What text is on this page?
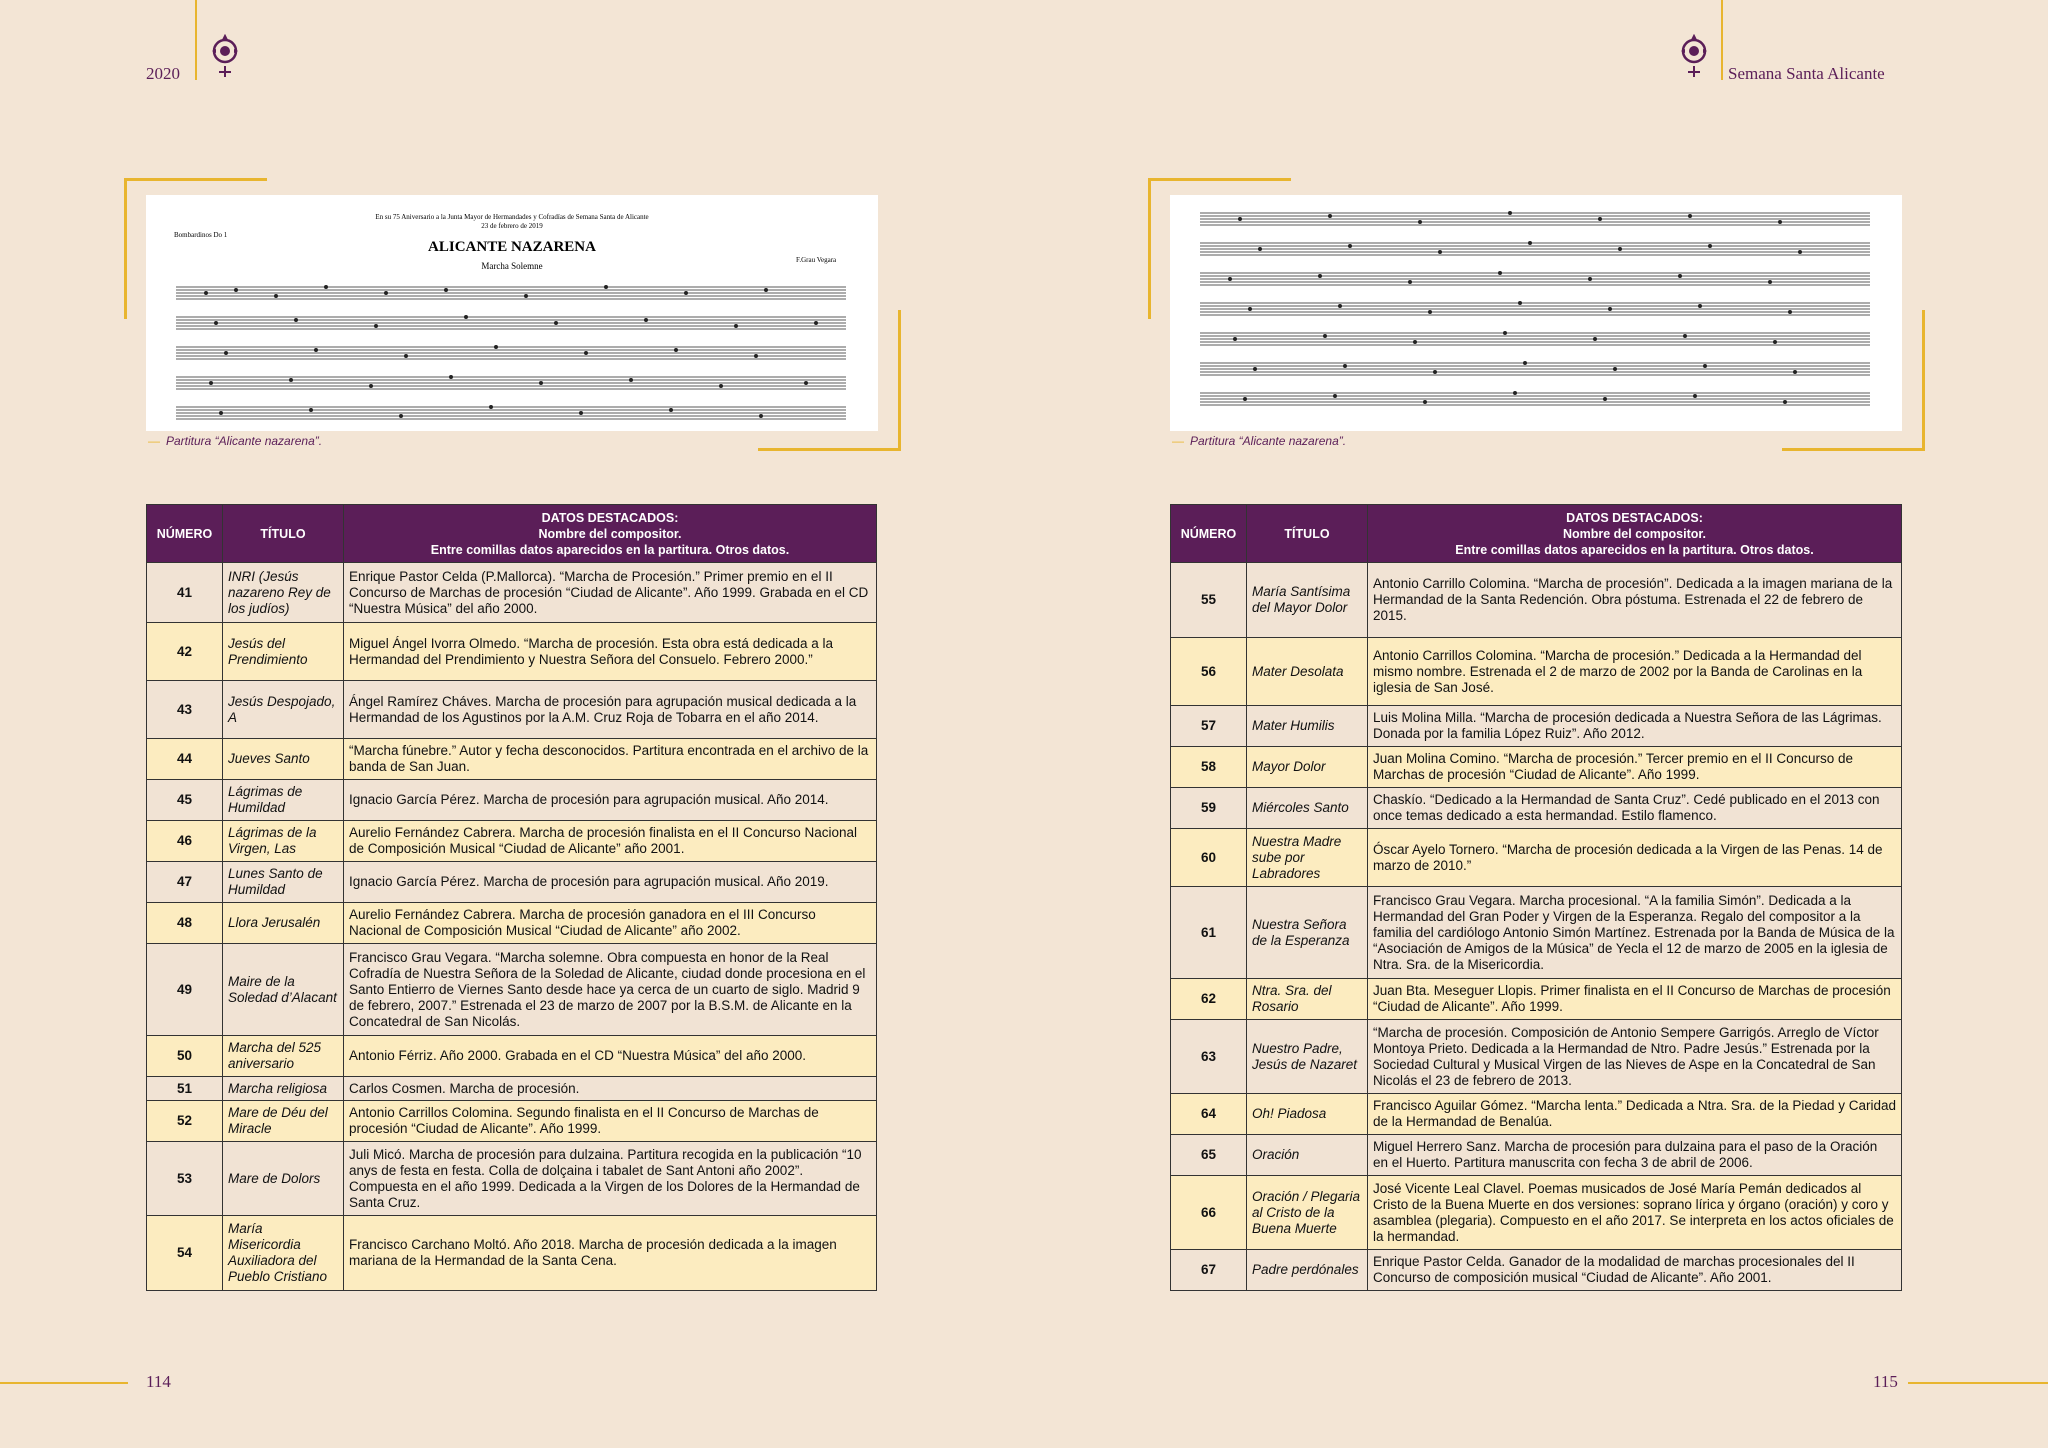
2020	Semana Santa Alicante
En su 75 Aniversario a la Junta Mayor de Hermandades y Cofradías de Semana Santa de Alicante
23 de febrero de 2019
Bombardinos Do 1
ALICANTE NAZARENA
Marcha Solemne
F.Grau Vegara
— Partitura “Alicante nazarena”.	— Partitura “Alicante nazarena”.
NÚMERO	TÍTULO	DATOS DESTACADOS:
Nombre del compositor.
Entre comillas datos aparecidos en la partitura. Otros datos.

41	INRI (Jesús nazareno Rey de los judíos)	Enrique Pastor Celda (P.Mallorca). “Marcha de Procesión.” Primer premio en el II Concurso de Marchas de procesión “Ciudad de Alicante”. Año 1999. Grabada en el CD “Nuestra Música” del año 2000.
42	Jesús del Prendimiento	Miguel Ángel Ivorra Olmedo. “Marcha de procesión. Esta obra está dedicada a la Hermandad del Prendimiento y Nuestra Señora del Consuelo. Febrero 2000.”
43	Jesús Despojado, A	Ángel Ramírez Cháves. Marcha de procesión para agrupación musical dedicada a la Hermandad de los Agustinos por la A.M. Cruz Roja de Tobarra en el año 2014.
44	Jueves Santo	“Marcha fúnebre.” Autor y fecha desconocidos. Partitura encontrada en el archivo de la banda de San Juan.
45	Lágrimas de Humildad	Ignacio García Pérez. Marcha de procesión para agrupación musical. Año 2014.
46	Lágrimas de la Virgen, Las	Aurelio Fernández Cabrera. Marcha de procesión finalista en el II Concurso Nacional de Composición Musical “Ciudad de Alicante” año 2001.
47	Lunes Santo de Humildad	Ignacio García Pérez. Marcha de procesión para agrupación musical. Año 2019.
48	Llora Jerusalén	Aurelio Fernández Cabrera. Marcha de procesión ganadora en el III Concurso Nacional de Composición Musical “Ciudad de Alicante” año 2002.
49	Maire de la Soledad d’Alacant	Francisco Grau Vegara. “Marcha solemne. Obra compuesta en honor de la Real Cofradía de Nuestra Señora de la Soledad de Alicante, ciudad donde procesiona en el Santo Entierro de Viernes Santo desde hace ya cerca de un cuarto de siglo. Madrid 9 de febrero, 2007.” Estrenada el 23 de marzo de 2007 por la B.S.M. de Alicante en la Concatedral de San Nicolás.
50	Marcha del 525 aniversario	Antonio Férriz. Año 2000. Grabada en el CD “Nuestra Música” del año 2000.
51	Marcha religiosa	Carlos Cosmen. Marcha de procesión.
52	Mare de Déu del Miracle	Antonio Carrillos Colomina. Segundo finalista en el II Concurso de Marchas de procesión “Ciudad de Alicante”. Año 1999.
53	Mare de Dolors	Juli Micó. Marcha de procesión para dulzaina. Partitura recogida en la publicación “10 anys de festa en festa. Colla de dolçaina i tabalet de Sant Antoni año 2002”. Compuesta en el año 1999. Dedicada a la Virgen de los Dolores de la Hermandad de Santa Cruz.
54	María Misericordia Auxiliadora del Pueblo Cristiano	Francisco Carchano Moltó. Año 2018. Marcha de procesión dedicada a la imagen mariana de la Hermandad de la Santa Cena.
NÚMERO	TÍTULO	DATOS DESTACADOS:
Nombre del compositor.
Entre comillas datos aparecidos en la partitura. Otros datos.

55	María Santísima del Mayor Dolor	Antonio Carrillo Colomina. “Marcha de procesión”. Dedicada a la imagen mariana de la Hermandad de la Santa Redención. Obra póstuma. Estrenada el 22 de febrero de 2015.
56	Mater Desolata	Antonio Carrillos Colomina. “Marcha de procesión.” Dedicada a la Hermandad del mismo nombre. Estrenada el 2 de marzo de 2002 por la Banda de Carolinas en la iglesia de San José.
57	Mater Humilis	Luis Molina Milla. “Marcha de procesión dedicada a Nuestra Señora de las Lágrimas. Donada por la familia López Ruiz”. Año 2012.
58	Mayor Dolor	Juan Molina Comino. “Marcha de procesión.” Tercer premio en el II Concurso de Marchas de procesión “Ciudad de Alicante”. Año 1999.
59	Miércoles Santo	Chaskío. “Dedicado a la Hermandad de Santa Cruz”. Cedé publicado en el 2013 con once temas dedicado a esta hermandad. Estilo flamenco.
60	Nuestra Madre sube por Labradores	Óscar Ayelo Tornero. “Marcha de procesión dedicada a la Virgen de las Penas. 14 de marzo de 2010.”
61	Nuestra Señora de la Esperanza	Francisco Grau Vegara. Marcha procesional. “A la familia Simón”. Dedicada a la Hermandad del Gran Poder y Virgen de la Esperanza. Regalo del compositor a la familia del cardiólogo Antonio Simón Martínez. Estrenada por la Banda de Música de la “Asociación de Amigos de la Música” de Yecla el 12 de marzo de 2005 en la iglesia de Ntra. Sra. de la Misericordia.
62	Ntra. Sra. del Rosario	Juan Bta. Meseguer Llopis. Primer finalista en el II Concurso de Marchas de procesión “Ciudad de Alicante”. Año 1999.
63	Nuestro Padre, Jesús de Nazaret	“Marcha de procesión. Composición de Antonio Sempere Garrigós. Arreglo de Víctor Montoya Prieto. Dedicada a la Hermandad de Ntro. Padre Jesús.” Estrenada por la Sociedad Cultural y Musical Virgen de las Nieves de Aspe en la Concatedral de San Nicolás el 23 de febrero de 2013.
64	Oh! Piadosa	Francisco Aguilar Gómez. “Marcha lenta.” Dedicada a Ntra. Sra. de la Piedad y Caridad de la Hermandad de Benalúa.
65	Oración	Miguel Herrero Sanz. Marcha de procesión para dulzaina para el paso de la Oración en el Huerto. Partitura manuscrita con fecha 3 de abril de 2006.
66	Oración / Plegaria al Cristo de la Buena Muerte	José Vicente Leal Clavel. Poemas musicados de José María Pemán dedicados al Cristo de la Buena Muerte en dos versiones: soprano lírica y órgano (oración) y coro y asamblea (plegaria). Compuesto en el año 2017. Se interpreta en los actos oficiales de la hermandad.
67	Padre perdónales	Enrique Pastor Celda. Ganador de la modalidad de marchas procesionales del II Concurso de composición musical “Ciudad de Alicante”. Año 2001.
114	115
